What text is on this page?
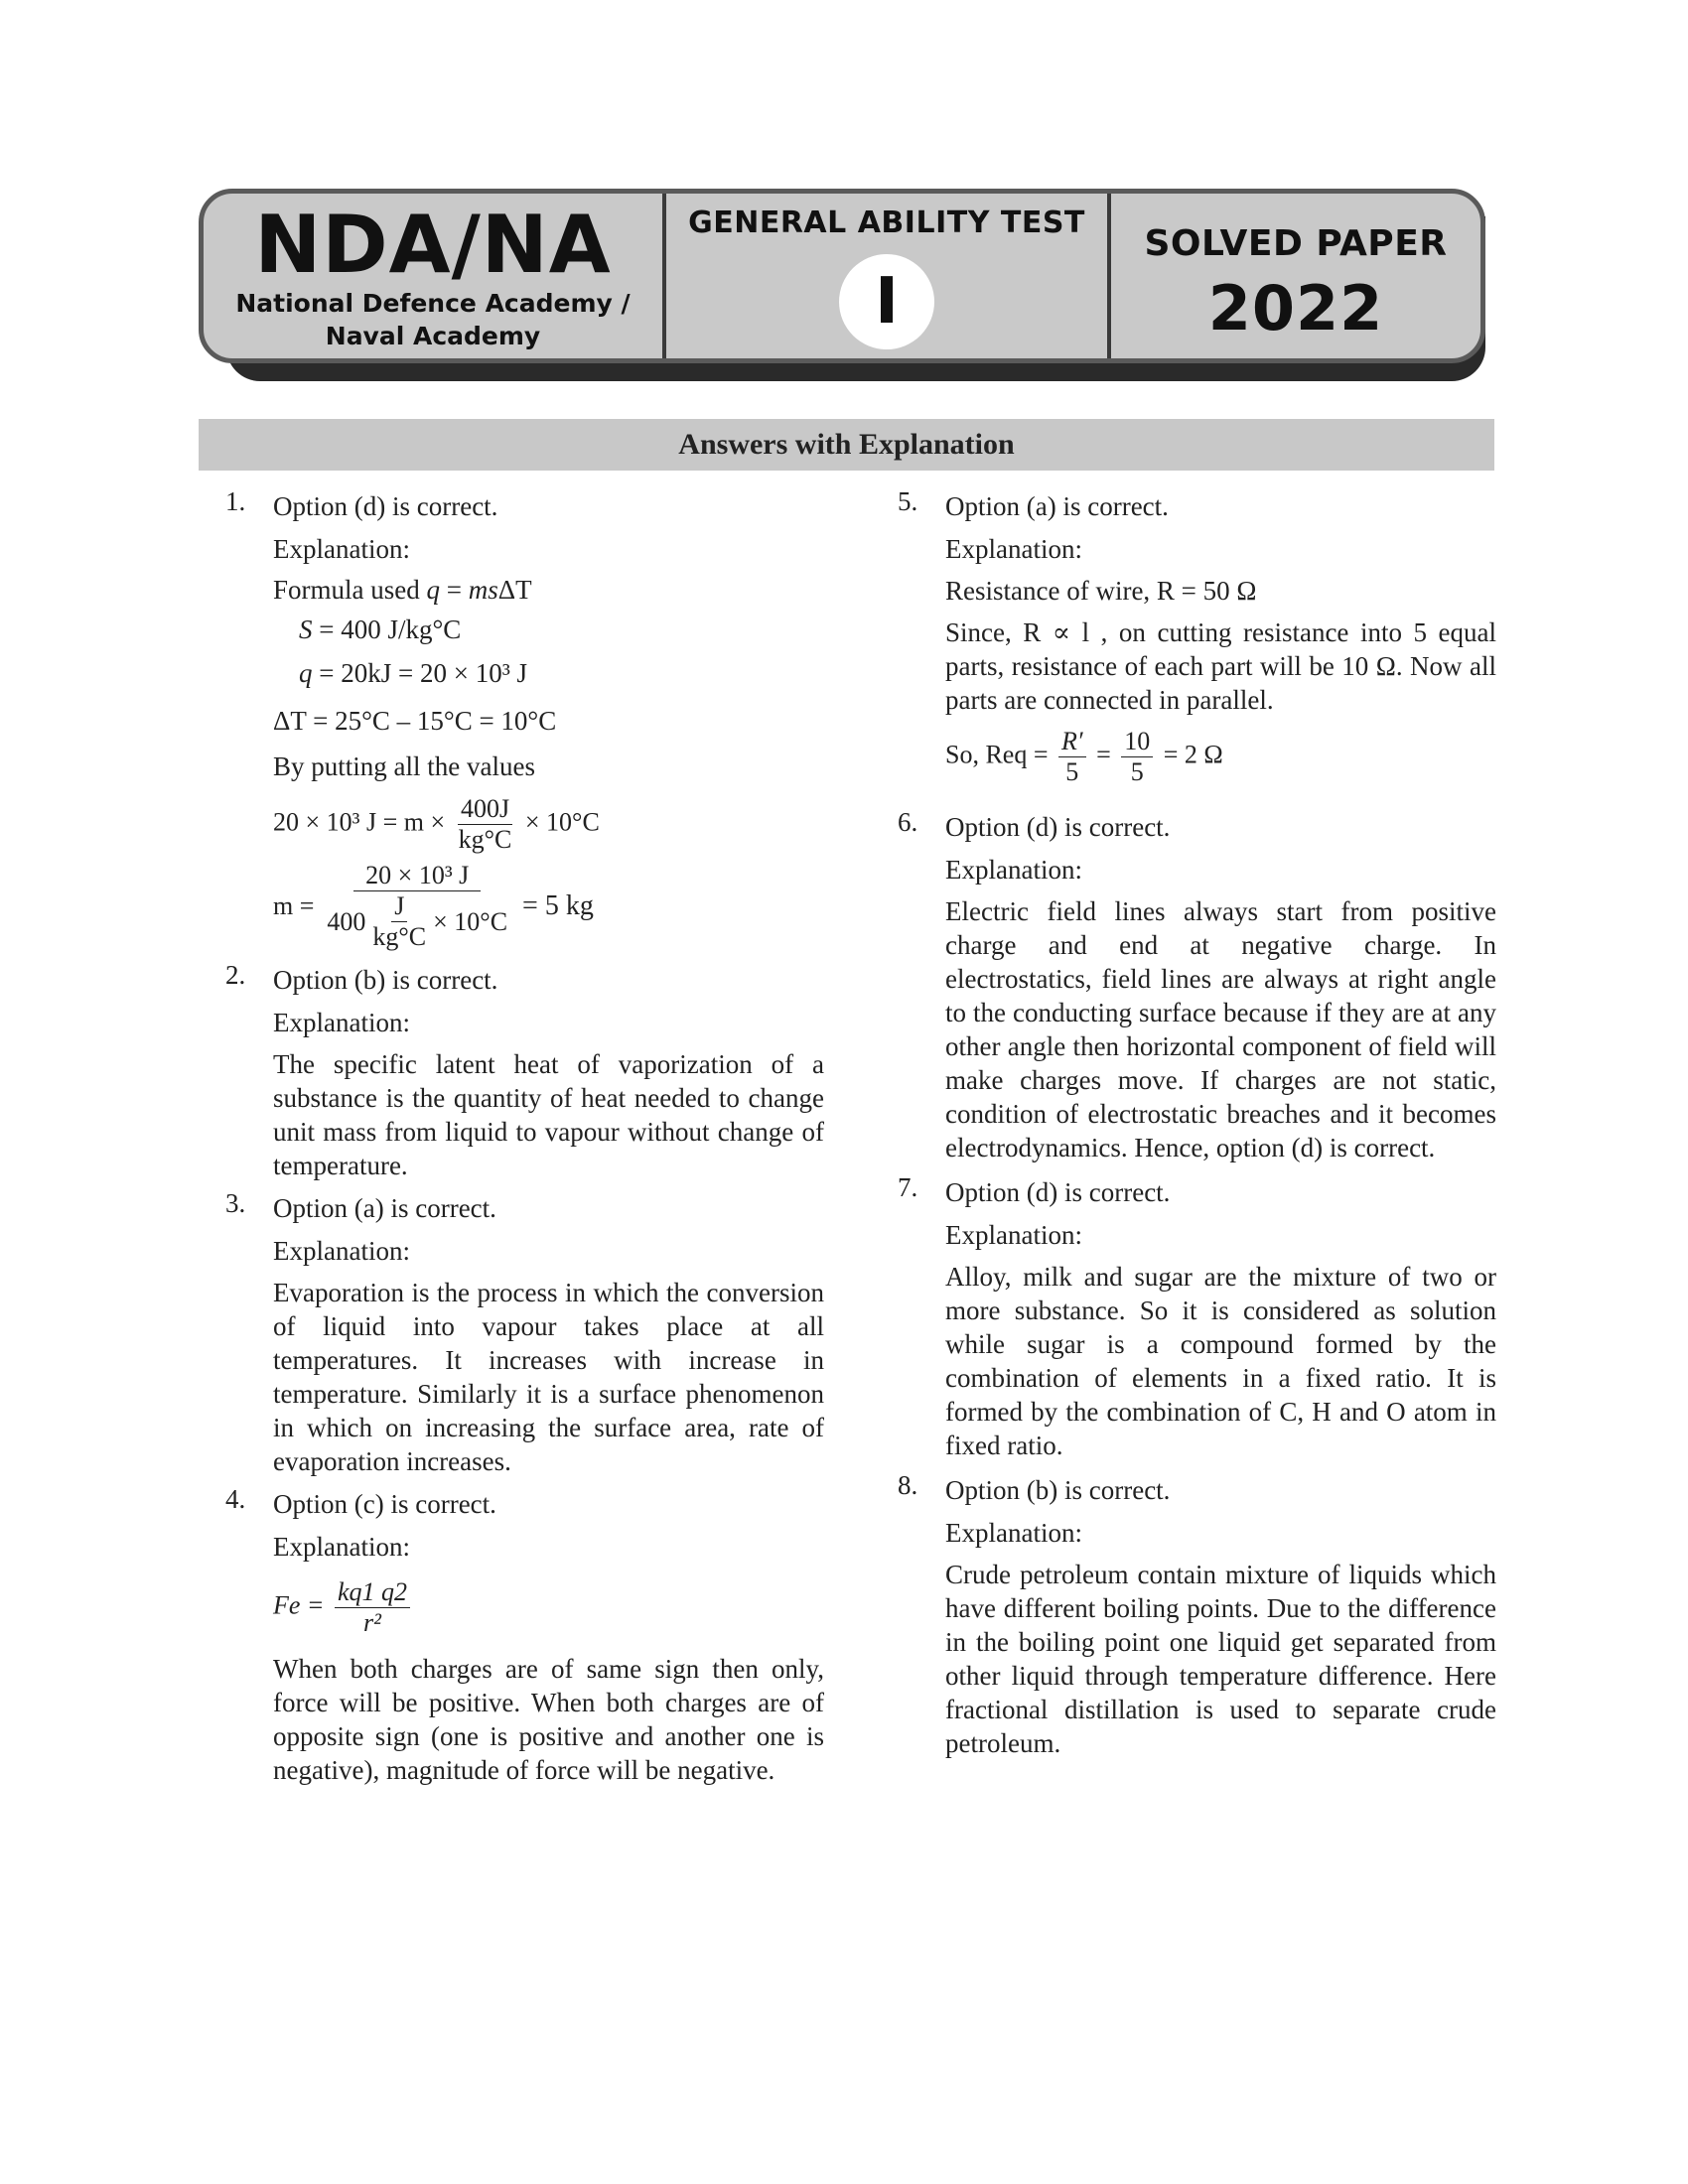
NDA/NA
National Defence Academy /
Naval Academy
GENERAL ABILITY TEST
I
SOLVED PAPER
2022
Answers with Explanation
1. Option (d) is correct.
Explanation:
Formula used q = msΔT
S = 400 J/kg°C
q = 20kJ = 20 × 10³ J
ΔT = 25°C – 15°C = 10°C
By putting all the values
20 × 10³ $J = m \times \frac{400J}{kg^\circ C} \times 10^\circ C$
m =
20 × 10³ J
$400 \frac{J}{kg^\circ C} \times 10^\circ C = 5$ kg
2. Option (b) is correct.
Explanation:

The specific latent heat of vaporization of a substance is the quantity of heat needed to change unit mass from liquid to vapour without change of temperature.

3. Option (a) is correct.
Explanation:

Evaporation is the process in which the conversion of liquid into vapour takes place at all temperatures. It increases with increase in temperature. Similarly it is a surface phenomenon in which on increasing the surface area, rate of evaporation increases.

4. Option (c) is correct.
Explanation:
$Fe = \frac{kq1 q2}{\text{r²}}$

When both charges are of same sign then only, force will be positive. When both charges are of opposite sign (one is positive and another one is negative), magnitude of force will be negative.

5. Option (a) is correct.
Explanation:
Resistance of wire, R = 50 Ω

Since, R ∝ l , on cutting resistance into 5 equal parts, resistance of each part will be 10 Ω. Now all parts are connected in parallel.

So, Req = $\frac{R'}{5} = \frac{10}{5} = 2$ Ω
6. Option (d) is correct.
Explanation:

Electric field lines always start from positive charge and end at negative charge. In electrostatics, field lines are always at right angle to the conducting surface because if they are at any other angle then horizontal component of field will make charges move. If charges are not static, condition of electrostatic breaches and it becomes electrodynamics. Hence, option (d) is correct.

7. Option (d) is correct.
Explanation:

Alloy, milk and sugar are the mixture of two or more substance. So it is considered as solution while sugar is a compound formed by the combination of elements in a fixed ratio. It is formed by the combination of C, H and O atom in fixed ratio.

8. Option (b) is correct.
Explanation:

Crude petroleum contain mixture of liquids which have different boiling points. Due to the difference in the boiling point one liquid get separated from other liquid through temperature difference. Here fractional distillation is used to separate crude petroleum.
